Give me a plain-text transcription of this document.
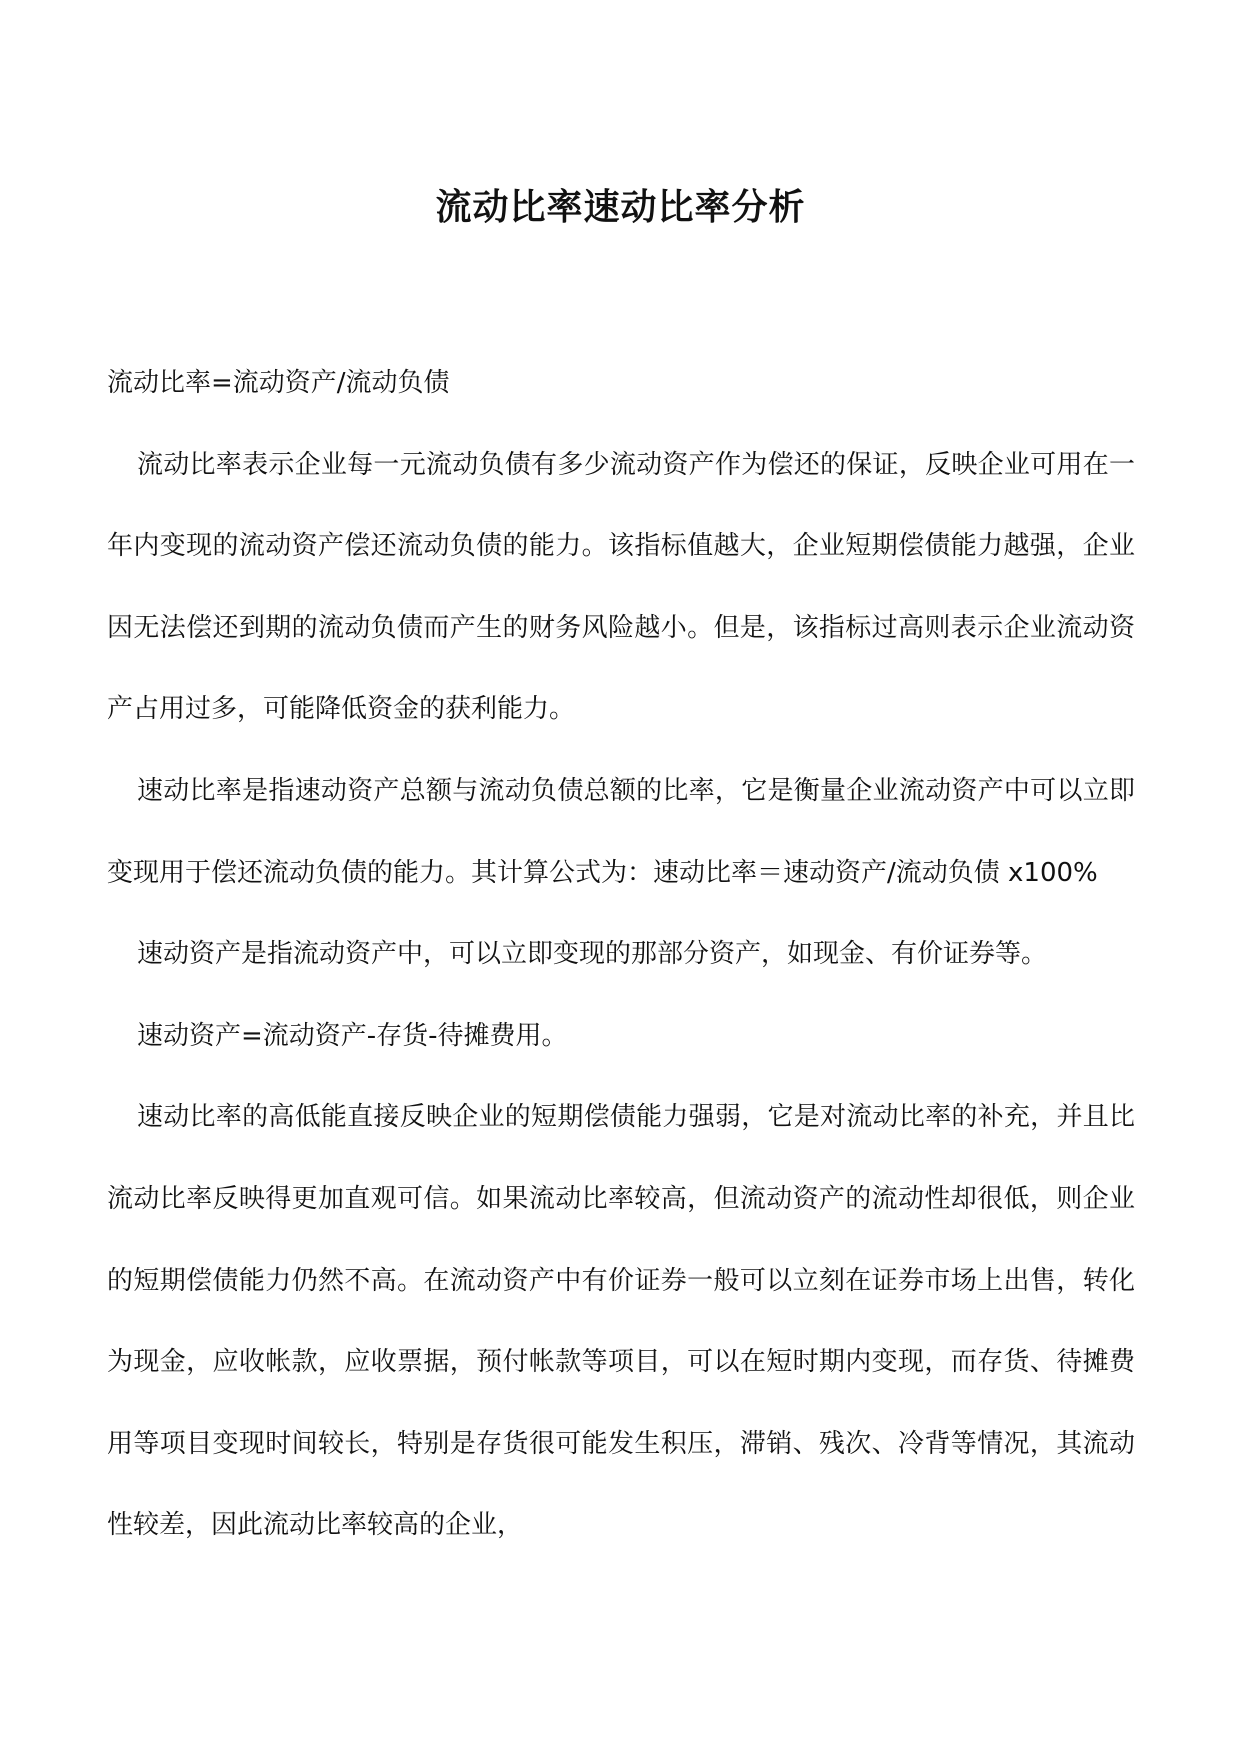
流动比率速动比率分析

流动比率=流动资产/流动负债

流动比率表示企业每一元流动负债有多少流动资产作为偿还的保证，反映企业可用在一年内变现的流动资产偿还流动负债的能力。该指标值越大，企业短期偿债能力越强，企业因无法偿还到期的流动负债而产生的财务风险越小。但是，该指标过高则表示企业流动资产占用过多，可能降低资金的获利能力。

速动比率是指速动资产总额与流动负债总额的比率，它是衡量企业流动资产中可以立即变现用于偿还流动负债的能力。其计算公式为：速动比率＝速动资产/流动负债 x100%

速动资产是指流动资产中，可以立即变现的那部分资产，如现金、有价证券等。

速动资产=流动资产-存货-待摊费用。

速动比率的高低能直接反映企业的短期偿债能力强弱，它是对流动比率的补充，并且比流动比率反映得更加直观可信。如果流动比率较高，但流动资产的流动性却很低，则企业的短期偿债能力仍然不高。在流动资产中有价证券一般可以立刻在证券市场上出售，转化为现金，应收帐款，应收票据，预付帐款等项目，可以在短时期内变现，而存货、待摊费用等项目变现时间较长，特别是存货很可能发生积压，滞销、残次、冷背等情况，其流动性较差，因此流动比率较高的企业，
